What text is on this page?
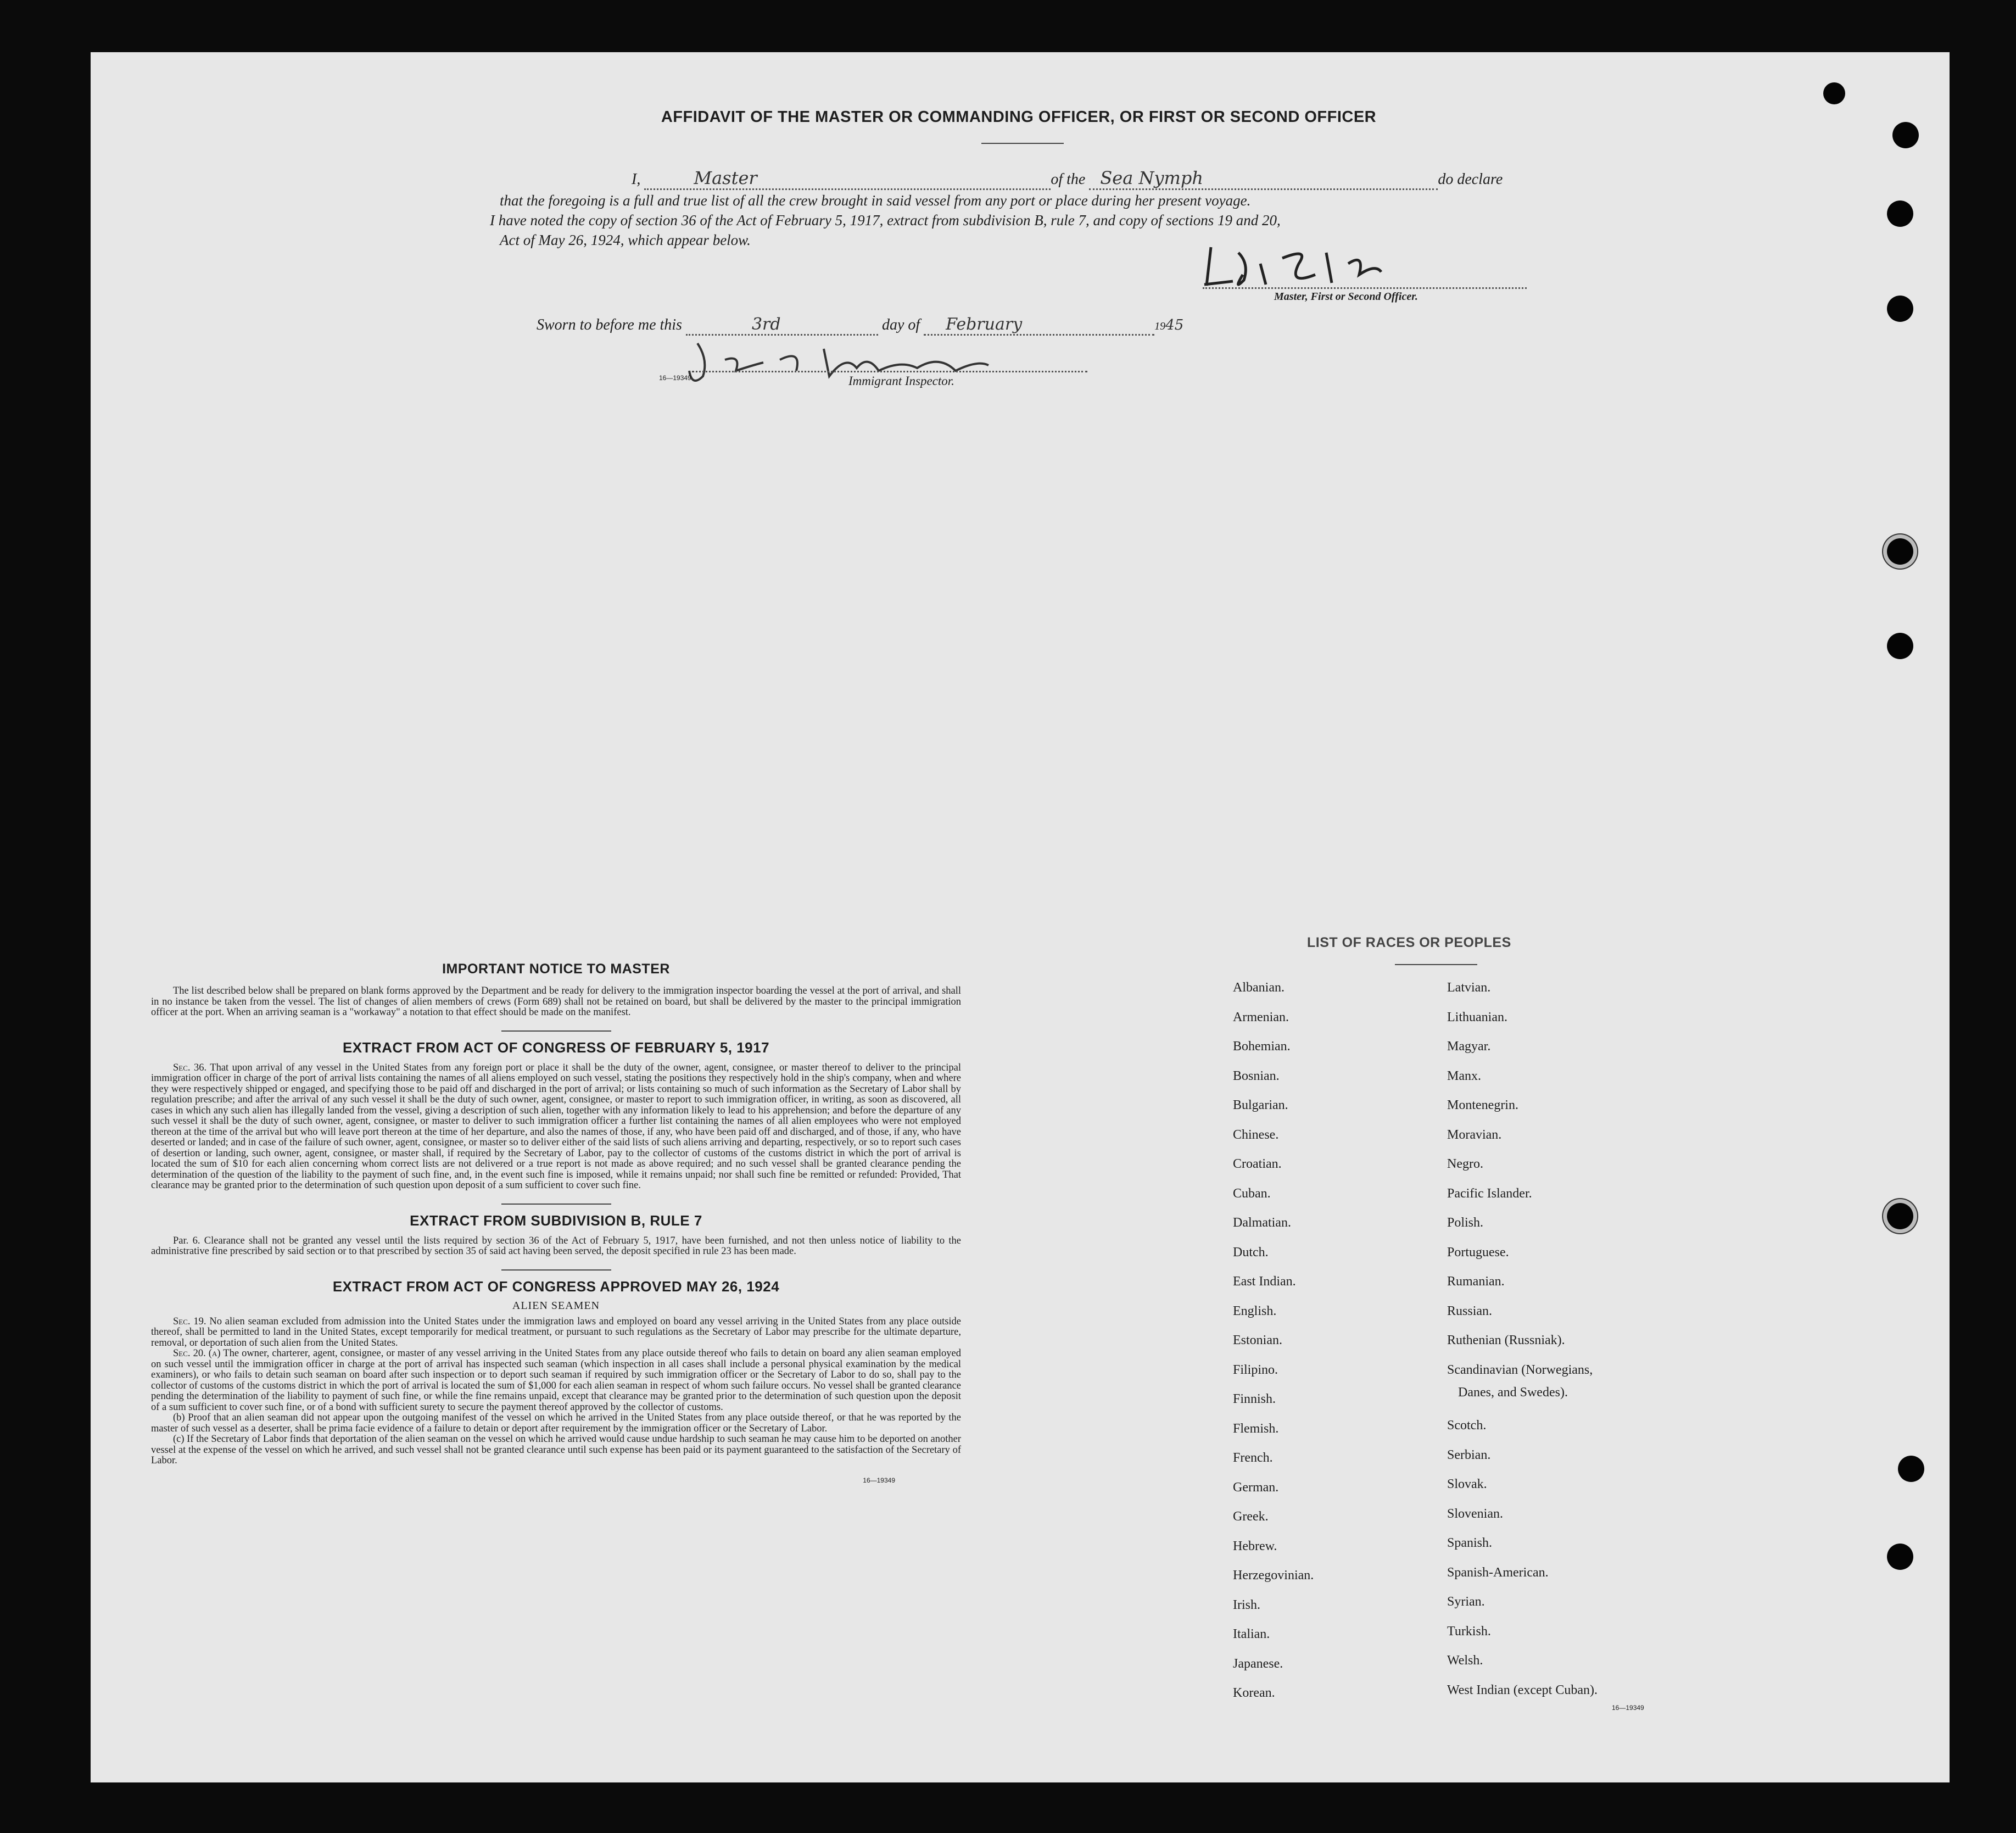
AFFIDAVIT OF THE MASTER OR COMMANDING OFFICER, OR FIRST OR SECOND OFFICER
I,	Master	of the Sea Nymph	do declare
that the foregoing is a full and true list of all the crew brought in said vessel from any port or place during her present voyage.
I have noted the copy of section 36 of the Act of February 5, 1917, extract from subdivision B, rule 7, and copy of sections 19 and 20,
Act of May 26, 1924, which appear below.
Master, First or Second Officer.
Sworn to before me this	3rd	day of February	1945
16—19349	Immigrant Inspector.
IMPORTANT NOTICE TO MASTER
The list described below shall be prepared on blank forms approved by the Department and be ready for delivery to the immigration inspector boarding the vessel at the port of arrival, and shall in no instance be taken from the vessel. The list of changes of alien members of crews (Form 689) shall not be retained on board, but shall be delivered by the master to the principal immigration officer at the port. When an arriving seaman is a "workaway" a notation to that effect should be made on the manifest.
EXTRACT FROM ACT OF CONGRESS OF FEBRUARY 5, 1917
Sec. 36. That upon arrival of any vessel in the United States from any foreign port or place it shall be the duty of the owner, agent, consignee, or master thereof to deliver to the principal immigration officer in charge of the port of arrival lists containing the names of all aliens employed on such vessel, stating the positions they respectively hold in the ship's company, when and where they were respectively shipped or engaged, and specifying those to be paid off and discharged in the port of arrival; or lists containing so much of such information as the Secretary of Labor shall by regulation prescribe; and after the arrival of any such vessel it shall be the duty of such owner, agent, consignee, or master to report to such immigration officer, in writing, as soon as discovered, all cases in which any such alien has illegally landed from the vessel, giving a description of such alien, together with any information likely to lead to his apprehension; and before the departure of any such vessel it shall be the duty of such owner, agent, consignee, or master to deliver to such immigration officer a further list containing the names of all alien employees who were not employed thereon at the time of the arrival but who will leave port thereon at the time of her departure, and also the names of those, if any, who have been paid off and discharged, and of those, if any, who have deserted or landed; and in case of the failure of such owner, agent, consignee, or master so to deliver either of the said lists of such aliens arriving and departing, respectively, or so to report such cases of desertion or landing, such owner, agent, consignee, or master shall, if required by the Secretary of Labor, pay to the collector of customs of the customs district in which the port of arrival is located the sum of $10 for each alien concerning whom correct lists are not delivered or a true report is not made as above required; and no such vessel shall be granted clearance pending the determination of the question of the liability to the payment of such fine, and, in the event such fine is imposed, while it remains unpaid; nor shall such fine be remitted or refunded: Provided, That clearance may be granted prior to the determination of such question upon deposit of a sum sufficient to cover such fine.
EXTRACT FROM SUBDIVISION B, RULE 7
Par. 6. Clearance shall not be granted any vessel until the lists required by section 36 of the Act of February 5, 1917, have been furnished, and not then unless notice of liability to the administrative fine prescribed by said section or to that prescribed by section 35 of said act having been served, the deposit specified in rule 23 has been made.
EXTRACT FROM ACT OF CONGRESS APPROVED MAY 26, 1924
ALIEN SEAMEN
Sec. 19. No alien seaman excluded from admission into the United States under the immigration laws and employed on board any vessel arriving in the United States from any place outside thereof, shall be permitted to land in the United States, except temporarily for medical treatment, or pursuant to such regulations as the Secretary of Labor may prescribe for the ultimate departure, removal, or deportation of such alien from the United States.
Sec. 20. (a) The owner, charterer, agent, consignee, or master of any vessel arriving in the United States from any place outside thereof who fails to detain on board any alien seaman employed on such vessel until the immigration officer in charge at the port of arrival has inspected such seaman (which inspection in all cases shall include a personal physical examination by the medical examiners), or who fails to detain such seaman on board after such inspection or to deport such seaman if required by such immigration officer or the Secretary of Labor to do so, shall pay to the collector of customs of the customs district in which the port of arrival is located the sum of $1,000 for each alien seaman in respect of whom such failure occurs. No vessel shall be granted clearance pending the determination of the liability to payment of such fine, or while the fine remains unpaid, except that clearance may be granted prior to the determination of such question upon the deposit of a sum sufficient to cover such fine, or of a bond with sufficient surety to secure the payment thereof approved by the collector of customs.
(b) Proof that an alien seaman did not appear upon the outgoing manifest of the vessel on which he arrived in the United States from any place outside thereof, or that he was reported by the master of such vessel as a deserter, shall be prima facie evidence of a failure to detain or deport after requirement by the immigration officer or the Secretary of Labor.
(c) If the Secretary of Labor finds that deportation of the alien seaman on the vessel on which he arrived would cause undue hardship to such seaman he may cause him to be deported on another vessel at the expense of the vessel on which he arrived, and such vessel shall not be granted clearance until such expense has been paid or its payment guaranteed to the satisfaction of the Secretary of Labor.
16—19349
LIST OF RACES OR PEOPLES
Danes, and Swedes).
16—19349
Albanian.
Armenian.
Bohemian.
Bosnian.
Bulgarian.
Chinese.
Croatian.
Cuban.
Dalmatian.
Dutch.
East Indian.
English.
Estonian.
Filipino.
Finnish.
Flemish.
French.
German.
Greek.
Hebrew.
Herzegovinian.
Irish.
Italian.
Japanese.
Korean.
Latvian.
Lithuanian.
Magyar.
Manx.
Montenegrin.
Moravian.
Negro.
Pacific Islander.
Polish.
Portuguese.
Rumanian.
Russian.
Ruthenian (Russniak).
Scandinavian (Norwegians,
Scotch.
Serbian.
Slovak.
Slovenian.
Spanish.
Spanish-American.
Syrian.
Turkish.
Welsh.
West Indian (except Cuban).
